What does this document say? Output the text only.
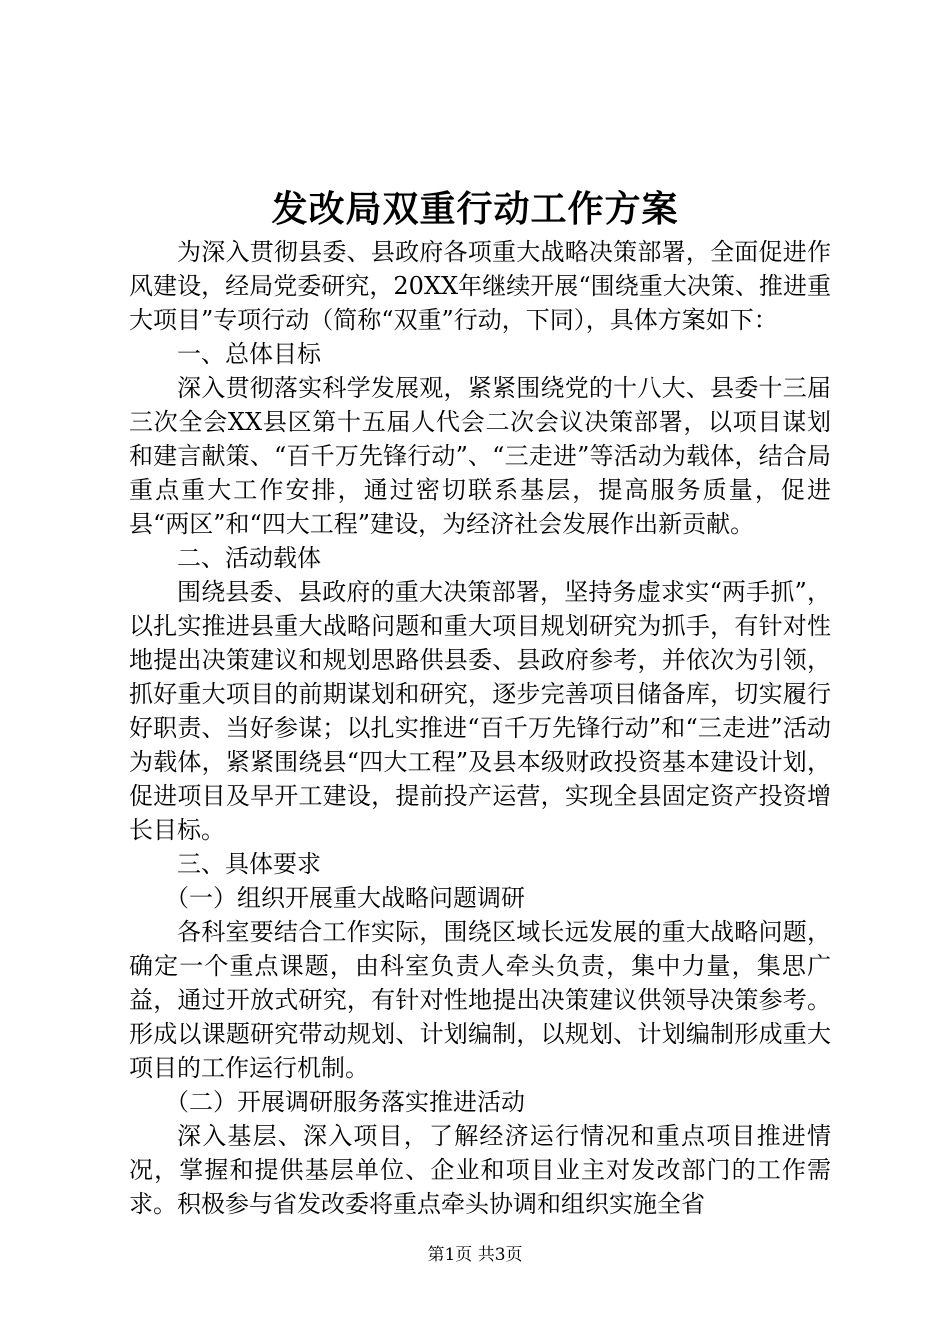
发改局双重行动工作方案

为深入贯彻县委、县政府各项重大战略决策部署，全面促进作风建设，经局党委研究，20XX年继续开展“围绕重大决策、推进重大项目”专项行动（简称“双重”行动，下同），具体方案如下：

一、总体目标

深入贯彻落实科学发展观，紧紧围绕党的十八大、县委十三届三次全会XX县区第十五届人代会二次会议决策部署，以项目谋划和建言献策、“百千万先锋行动”、“三走进”等活动为载体，结合局重点重大工作安排，通过密切联系基层，提高服务质量，促进县“两区”和“四大工程”建设，为经济社会发展作出新贡献。

二、活动载体

围绕县委、县政府的重大决策部署，坚持务虚求实“两手抓”，以扎实推进县重大战略问题和重大项目规划研究为抓手，有针对性地提出决策建议和规划思路供县委、县政府参考，并依次为引领，抓好重大项目的前期谋划和研究，逐步完善项目储备库，切实履行好职责、当好参谋；以扎实推进“百千万先锋行动”和“三走进”活动为载体，紧紧围绕县“四大工程”及县本级财政投资基本建设计划，促进项目及早开工建设，提前投产运营，实现全县固定资产投资增长目标。

三、具体要求

（一）组织开展重大战略问题调研

各科室要结合工作实际，围绕区域长远发展的重大战略问题，确定一个重点课题，由科室负责人牵头负责，集中力量，集思广益，通过开放式研究，有针对性地提出决策建议供领导决策参考。形成以课题研究带动规划、计划编制，以规划、计划编制形成重大项目的工作运行机制。

（二）开展调研服务落实推进活动

深入基层、深入项目，了解经济运行情况和重点项目推进情况，掌握和提供基层单位、企业和项目业主对发改部门的工作需求。积极参与省发改委将重点牵头协调和组织实施全省

第1页 共3页
